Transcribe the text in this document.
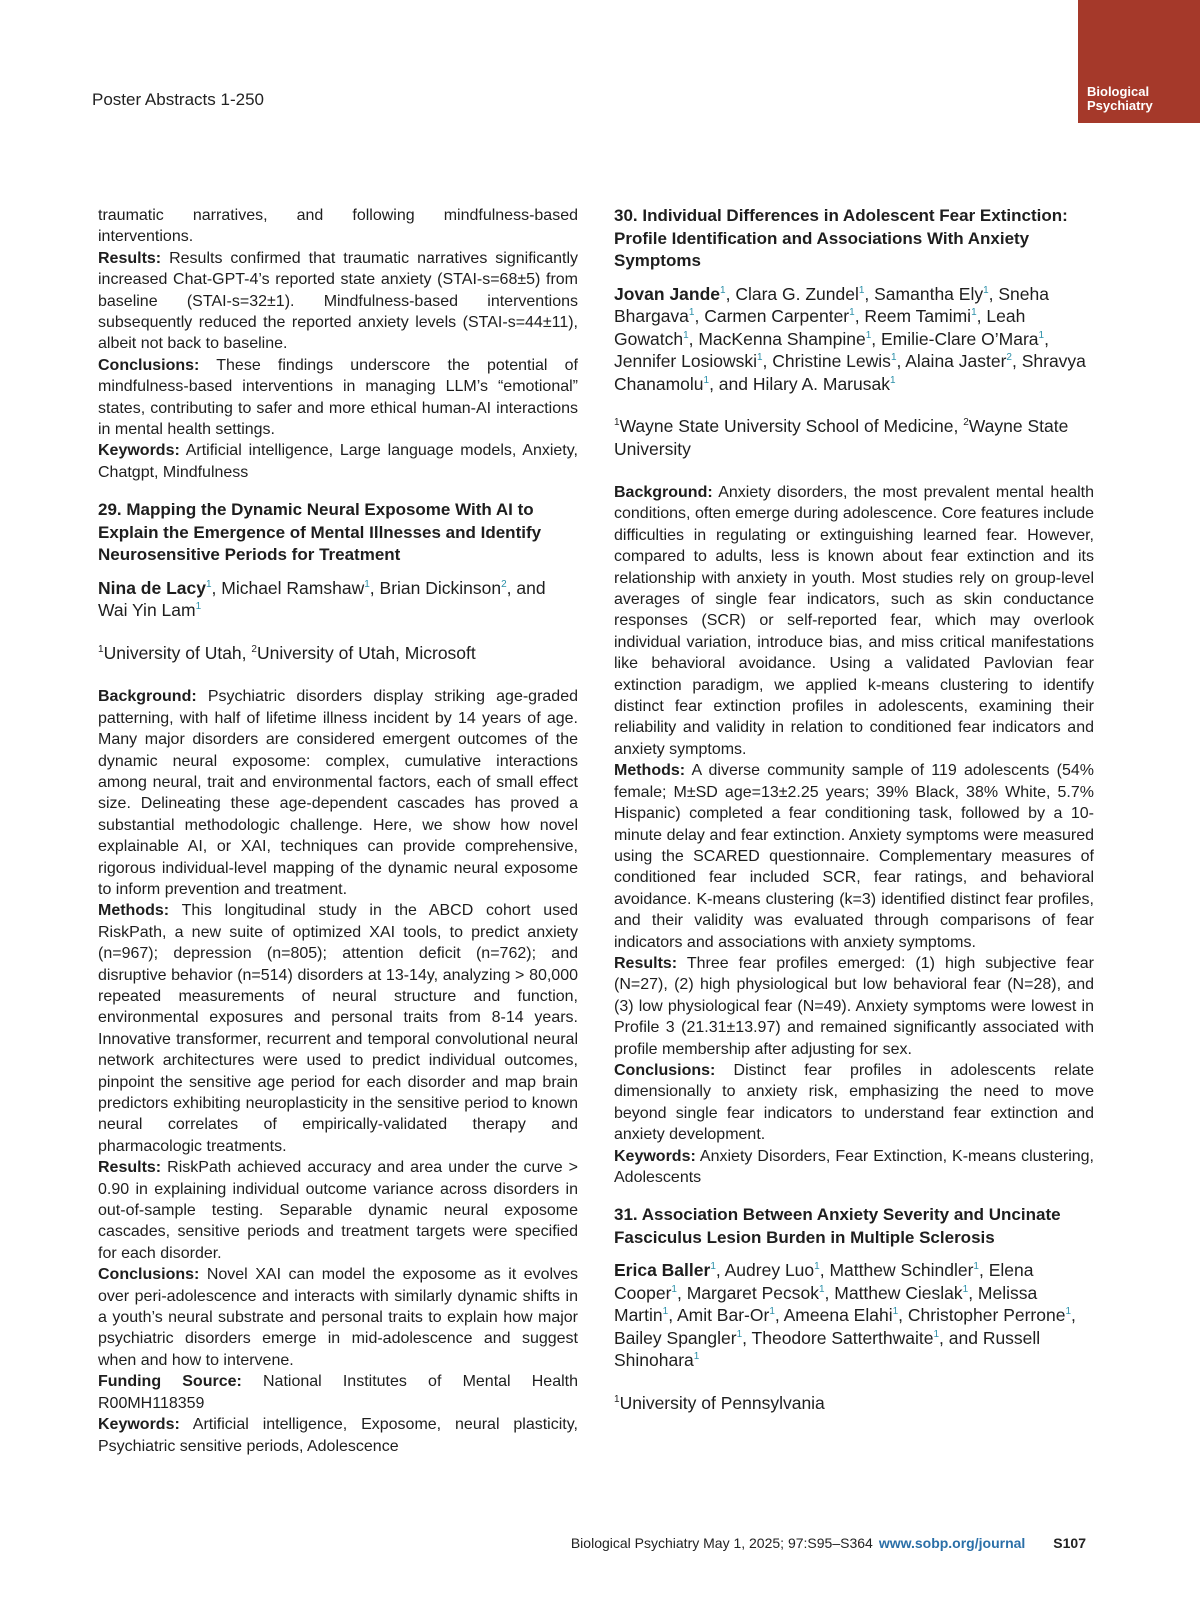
Poster Abstracts 1-250	Biological
Psychiatry

traumatic narratives, and following mindfulness-based interventions.

Results: Results confirmed that traumatic narratives significantly increased Chat-GPT-4’s reported state anxiety (STAI-s=68±5) from baseline (STAI-s=32±1). Mindfulness-based interventions subsequently reduced the reported anxiety levels (STAI-s=44±11), albeit not back to baseline.

Conclusions: These findings underscore the potential of mindfulness-based interventions in managing LLM’s “emotional” states, contributing to safer and more ethical human-AI interactions in mental health settings.

Keywords: Artificial intelligence, Large language models, Anxiety, Chatgpt, Mindfulness

29. Mapping the Dynamic Neural Exposome With AI to Explain the Emergence of Mental Illnesses and Identify Neurosensitive Periods for Treatment
Nina de Lacy$^1$, Michael Ramshaw$^1$, Brian Dickinson$^2$, and Wai Yin Lam$^1$
$^1$University of Utah, $^2$University of Utah, Microsoft

Background: Psychiatric disorders display striking age-graded patterning, with half of lifetime illness incident by 14 years of age. Many major disorders are considered emergent outcomes of the dynamic neural exposome: complex, cumulative interactions among neural, trait and environmental factors, each of small effect size. Delineating these age-dependent cascades has proved a substantial methodologic challenge. Here, we show how novel explainable AI, or XAI, techniques can provide comprehensive, rigorous individual-level mapping of the dynamic neural exposome to inform prevention and treatment.

Methods: This longitudinal study in the ABCD cohort used RiskPath, a new suite of optimized XAI tools, to predict anxiety (n=967); depression (n=805); attention deficit (n=762); and disruptive behavior (n=514) disorders at 13-14y, analyzing > 80,000 repeated measurements of neural structure and function, environmental exposures and personal traits from 8-14 years. Innovative transformer, recurrent and temporal convolutional neural network architectures were used to predict individual outcomes, pinpoint the sensitive age period for each disorder and map brain predictors exhibiting neuroplasticity in the sensitive period to known neural correlates of empirically-validated therapy and pharmacologic treatments.

Results: RiskPath achieved accuracy and area under the curve > 0.90 in explaining individual outcome variance across disorders in out-of-sample testing. Separable dynamic neural exposome cascades, sensitive periods and treatment targets were specified for each disorder.

Conclusions: Novel XAI can model the exposome as it evolves over peri-adolescence and interacts with similarly dynamic shifts in a youth’s neural substrate and personal traits to explain how major psychiatric disorders emerge in mid-adolescence and suggest when and how to intervene.

Funding Source: National Institutes of Mental Health R00MH118359

Keywords: Artificial intelligence, Exposome, neural plasticity, Psychiatric sensitive periods, Adolescence

30. Individual Differences in Adolescent Fear Extinction: Profile Identification and Associations With Anxiety Symptoms
Jovan Jande$^1$, Clara G. Zundel$^1$, Samantha Ely$^1$, Sneha Bhargava$^1$, Carmen Carpenter$^1$, Reem Tamimi$^1$, Leah Gowatch$^1$, MacKenna Shampine$^1$, Emilie-Clare O’Mara$^1$, Jennifer Losiowski$^1$, Christine Lewis$^1$, Alaina Jaster$^2$, Shravya Chanamolu$^1$, and Hilary A. Marusak$^1$
$^1$Wayne State University School of Medicine, $^2$Wayne State University

Background: Anxiety disorders, the most prevalent mental health conditions, often emerge during adolescence. Core features include difficulties in regulating or extinguishing learned fear. However, compared to adults, less is known about fear extinction and its relationship with anxiety in youth. Most studies rely on group-level averages of single fear indicators, such as skin conductance responses (SCR) or self-reported fear, which may overlook individual variation, introduce bias, and miss critical manifestations like behavioral avoidance. Using a validated Pavlovian fear extinction paradigm, we applied k-means clustering to identify distinct fear extinction profiles in adolescents, examining their reliability and validity in relation to conditioned fear indicators and anxiety symptoms.

Methods: A diverse community sample of 119 adolescents (54% female; M±SD age=13±2.25 years; 39% Black, 38% White, 5.7% Hispanic) completed a fear conditioning task, followed by a 10-minute delay and fear extinction. Anxiety symptoms were measured using the SCARED questionnaire. Complementary measures of conditioned fear included SCR, fear ratings, and behavioral avoidance. K-means clustering (k=3) identified distinct fear profiles, and their validity was evaluated through comparisons of fear indicators and associations with anxiety symptoms.

Results: Three fear profiles emerged: (1) high subjective fear (N=27), (2) high physiological but low behavioral fear (N=28), and (3) low physiological fear (N=49). Anxiety symptoms were lowest in Profile 3 (21.31±13.97) and remained significantly associated with profile membership after adjusting for sex.

Conclusions: Distinct fear profiles in adolescents relate dimensionally to anxiety risk, emphasizing the need to move beyond single fear indicators to understand fear extinction and anxiety development.

Keywords: Anxiety Disorders, Fear Extinction, K-means clustering, Adolescents

31. Association Between Anxiety Severity and Uncinate Fasciculus Lesion Burden in Multiple Sclerosis
Erica Baller$^1$, Audrey Luo$^1$, Matthew Schindler$^1$, Elena Cooper$^1$, Margaret Pecsok$^1$, Matthew Cieslak$^1$, Melissa Martin$^1$, Amit Bar-Or$^1$, Ameena Elahi$^1$, Christopher Perrone$^1$, Bailey Spangler$^1$, Theodore Satterthwaite$^1$, and Russell Shinohara$^1$
$^1$University of Pennsylvania
Biological Psychiatry May 1, 2025; 97:S95–S364 www.sobp.org/journal S107
